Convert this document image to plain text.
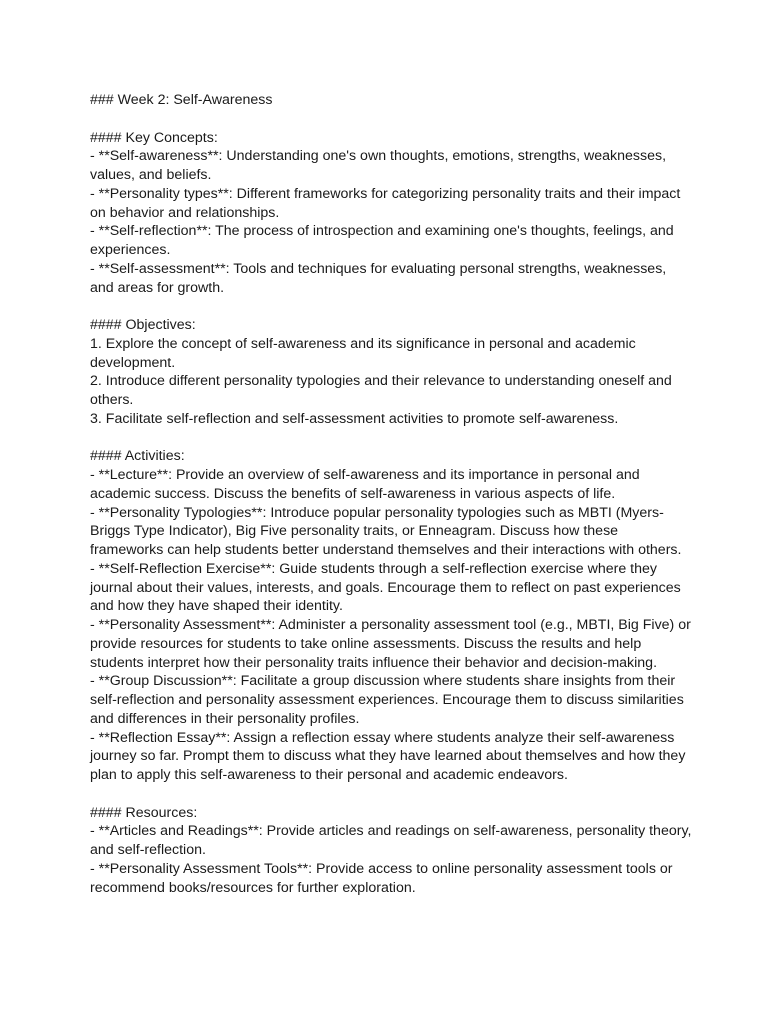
### Week 2: Self-Awareness
#### Key Concepts:
- **Self-awareness**: Understanding one's own thoughts, emotions, strengths, weaknesses,
values, and beliefs.
- **Personality types**: Different frameworks for categorizing personality traits and their impact
on behavior and relationships.
- **Self-reflection**: The process of introspection and examining one's thoughts, feelings, and
experiences.
- **Self-assessment**: Tools and techniques for evaluating personal strengths, weaknesses,
and areas for growth.
#### Objectives:
1. Explore the concept of self-awareness and its significance in personal and academic
development.
2. Introduce different personality typologies and their relevance to understanding oneself and
others.
3. Facilitate self-reflection and self-assessment activities to promote self-awareness.
#### Activities:
- **Lecture**: Provide an overview of self-awareness and its importance in personal and
academic success. Discuss the benefits of self-awareness in various aspects of life.
- **Personality Typologies**: Introduce popular personality typologies such as MBTI (Myers-
Briggs Type Indicator), Big Five personality traits, or Enneagram. Discuss how these
frameworks can help students better understand themselves and their interactions with others.
- **Self-Reflection Exercise**: Guide students through a self-reflection exercise where they
journal about their values, interests, and goals. Encourage them to reflect on past experiences
and how they have shaped their identity.
- **Personality Assessment**: Administer a personality assessment tool (e.g., MBTI, Big Five) or
provide resources for students to take online assessments. Discuss the results and help
students interpret how their personality traits influence their behavior and decision-making.
- **Group Discussion**: Facilitate a group discussion where students share insights from their
self-reflection and personality assessment experiences. Encourage them to discuss similarities
and differences in their personality profiles.
- **Reflection Essay**: Assign a reflection essay where students analyze their self-awareness
journey so far. Prompt them to discuss what they have learned about themselves and how they
plan to apply this self-awareness to their personal and academic endeavors.
#### Resources:
- **Articles and Readings**: Provide articles and readings on self-awareness, personality theory,
and self-reflection.
- **Personality Assessment Tools**: Provide access to online personality assessment tools or
recommend books/resources for further exploration.
